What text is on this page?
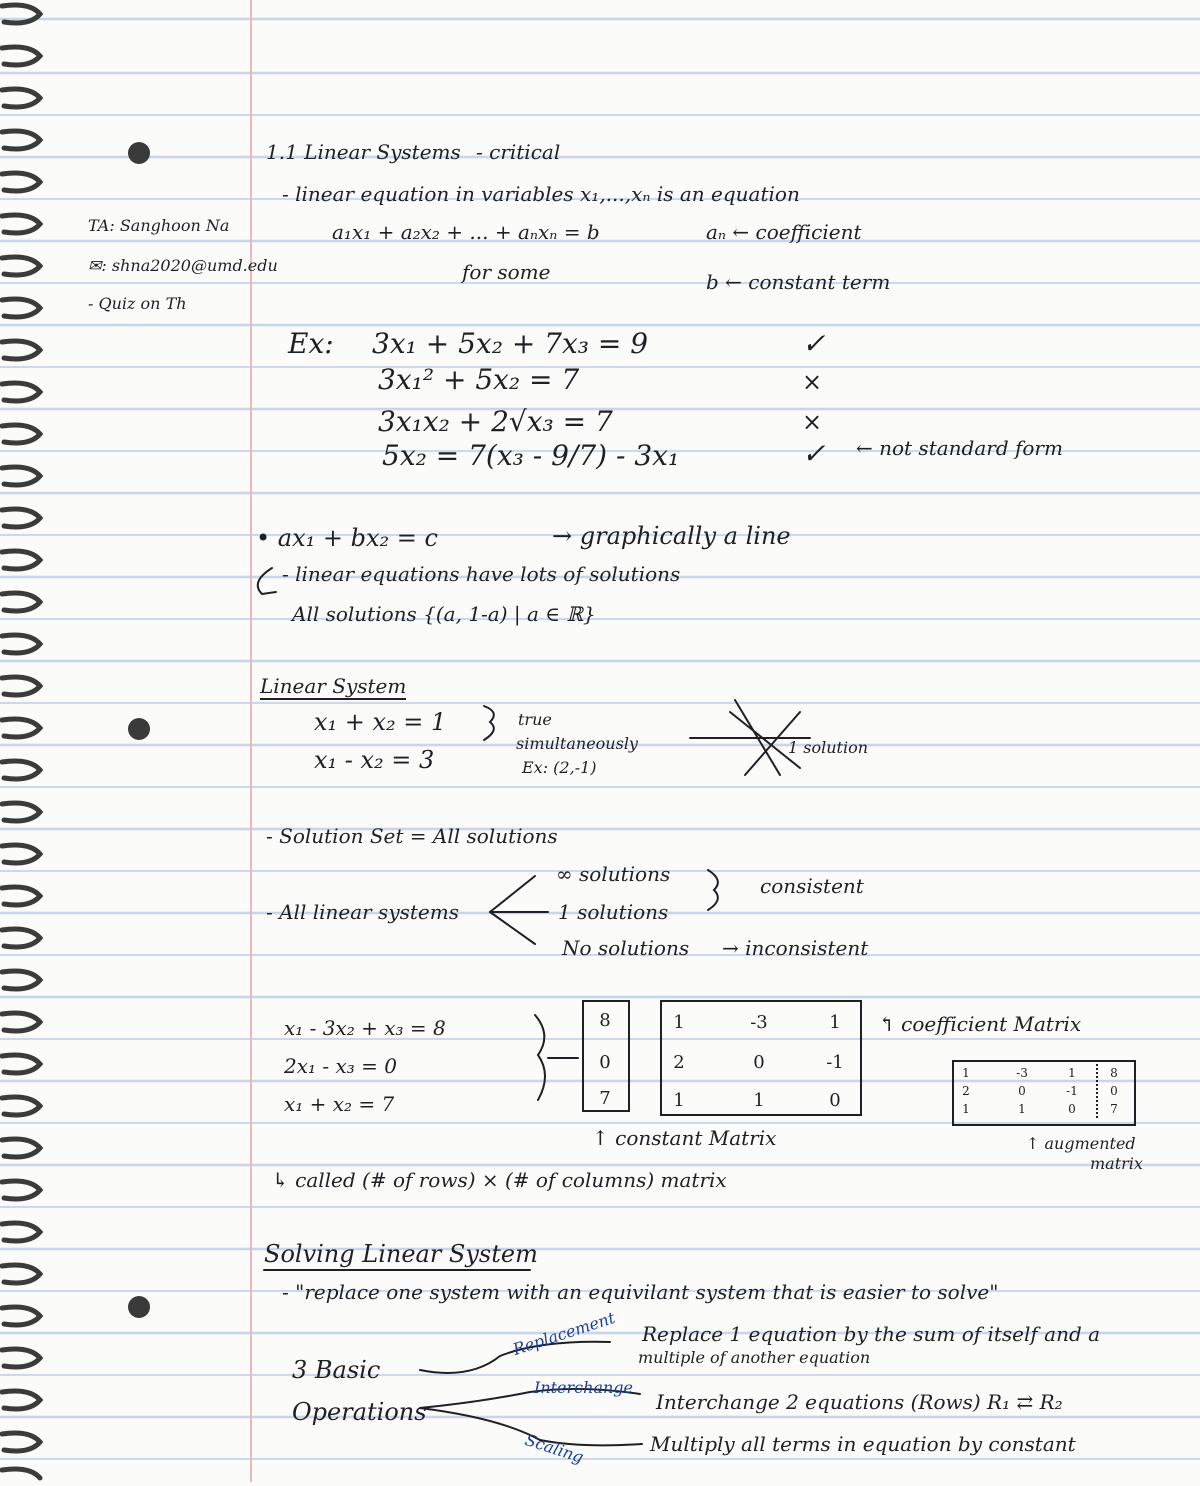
TA: Sanghoon Na
✉: shna2020@umd.edu
- Quiz on Th
1.1 Linear Systems - critical
- linear equation in variables x₁,...,xₙ is an equation
a₁x₁ + a₂x₂ + ... + aₙxₙ = b
for some
aₙ ← coefficient
b ← constant term
Ex: 3x₁ + 5x₂ + 7x₃ = 9	✓
3x₁² + 5x₂ = 7	×
3x₁x₂ + 2√x₃ = 7	×
5x₂ = 7(x₃ - 9/7) - 3x₁	✓ ← not standard form
• ax₁ + bx₂ = c	→ graphically a line
- linear equations have lots of solutions
All solutions {(a, 1-a) | a ∈ ℝ}
Linear System
x₁ + x₂ = 1
x₁ - x₂ = 3
true
simultaneously
Ex: (2,-1)
1 solution
- Solution Set = All solutions
- All linear systems
∞ solutions
1 solutions
No solutions
consistent
→ inconsistent
x₁ - 3x₂ + x₃ = 8
2x₁ - x₃ = 0
x₁ + x₂ = 7
8
0
7
1	-3	1
2	0	-1
1	1	0
↰ coefficient Matrix
↑ constant Matrix
1	-3	1	8
2	0	-1	0
1	1	0	7
↑ augmented
matrix
↳ called (# of rows) × (# of columns) matrix
Solving Linear System
- "replace one system with an equivilant system that is easier to solve"
3 Basic
Operations
Replacement Replace 1 equation by the sum of itself and a
multiple of another equation
Interchange
Interchange 2 equations (Rows) R₁ ⇄ R₂
Scaling	Multiply all terms in equation by constant
